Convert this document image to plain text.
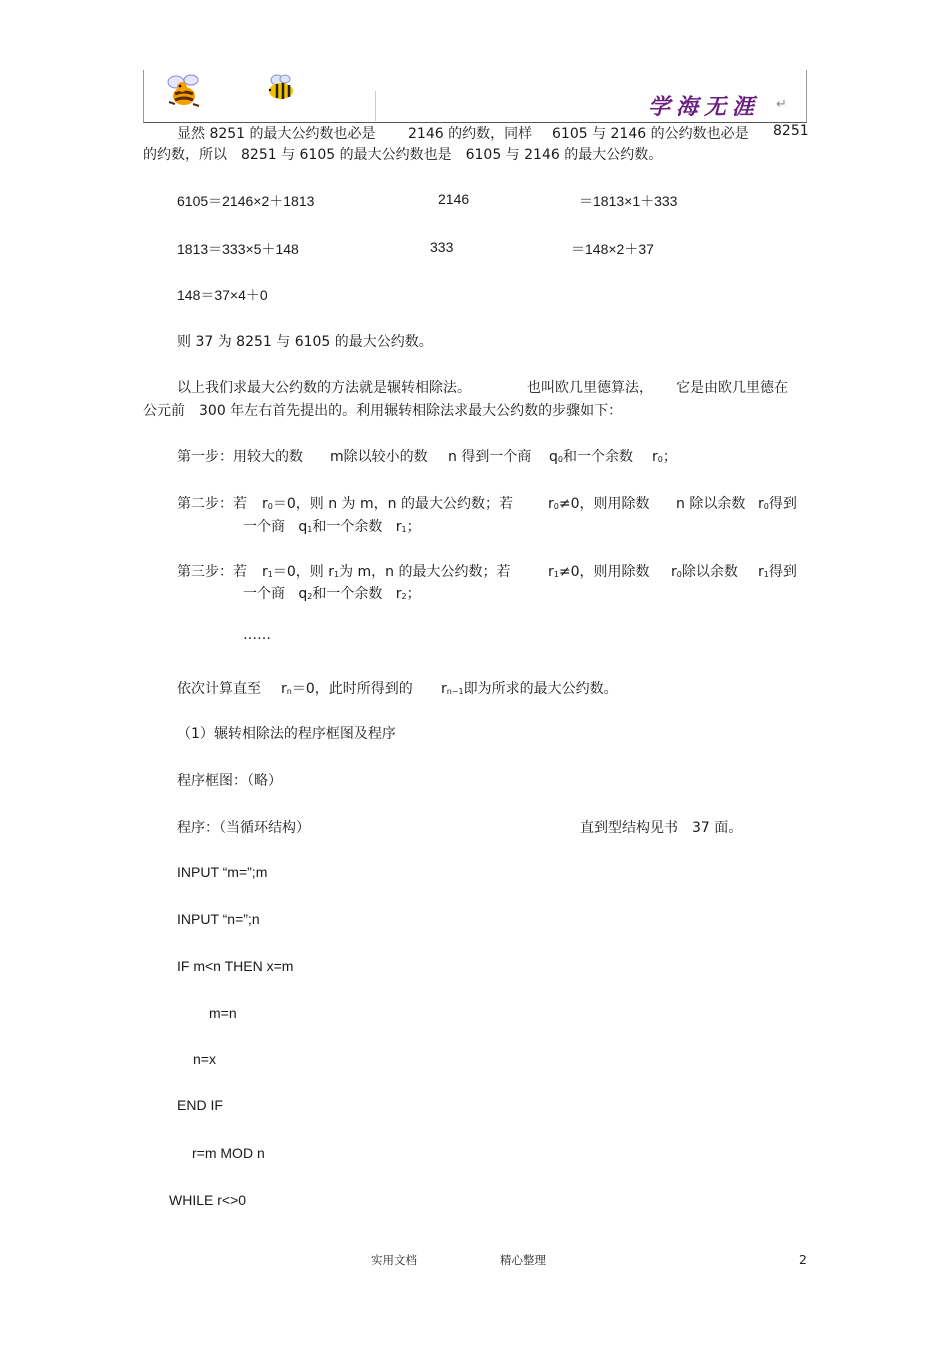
学海无涯 ↵
显然 8251 的最大公约数也必是 2146 的约数，同样 6105 与 2146 的公约数也必是 8251
的约数，所以　8251 与 6105 的最大公约数也是　6105 与 2146 的最大公约数。
6105＝2146×2＋1813	2146	＝1813×1＋333
1813＝333×5＋148	333	＝148×2＋37
148＝37×4＋0
则 37 为 8251 与 6105 的最大公约数。
以上我们求最大公约数的方法就是辗转相除法。	也叫欧几里德算法， 它是由欧几里德在
公元前　300 年左右首先提出的。利用辗转相除法求最大公约数的步骤如下：
第一步：用较大的数 m除以较小的数 n 得到一个商 q0和一个余数 r0；
第二步：若 r0＝0，则 n 为 m，n 的最大公约数；若	r0≠0，则用除数 n 除以余数 r0得到
一个商 q1和一个余数 r1；
第三步：若 r1＝0，则 r1为 m，n 的最大公约数；若	r1≠0，则用除数 r0除以余数 r1得到
一个商 q2和一个余数 r2；
……
依次计算直至 rn＝0，此时所得到的 rn−1即为所求的最大公约数。
（1）辗转相除法的程序框图及程序
程序框图：（略）
程序：（当循环结构）	直到型结构见书　37 面。
INPUT “m=”;m
INPUT “n=”;n
IF m<n THEN x=m
m=n
n=x
END IF
r=m MOD n
WHILE r<>0
实用文档	精心整理	2
